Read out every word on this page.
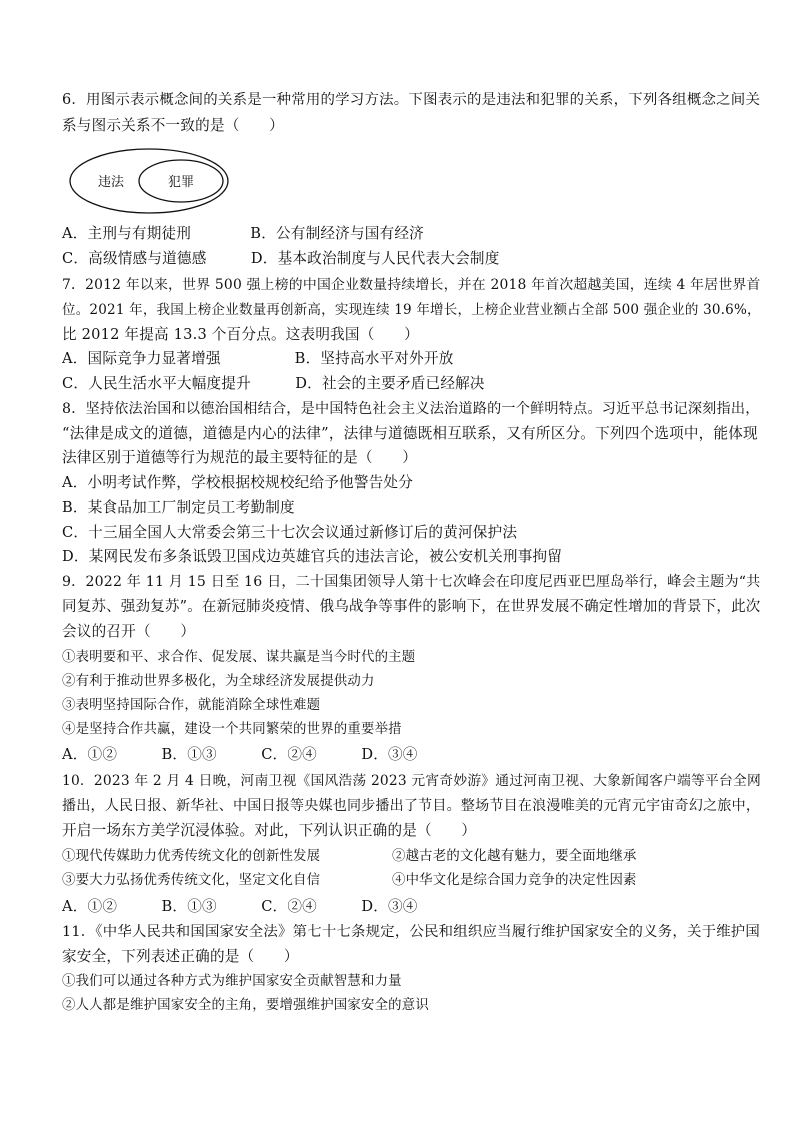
6．用图示表示概念间的关系是一种常用的学习方法。下图表示的是违法和犯罪的关系，下列各组概念之间关
系与图示关系不一致的是（　　）
违法	犯罪
A．主刑与有期徒刑　　　　B．公有制经济与国有经济
C．高级情感与道德感　　　D．基本政治制度与人民代表大会制度
7．2012 年以来，世界 500 强上榜的中国企业数量持续增长，并在 2018 年首次超越美国，连续 4 年居世界首
位。2021 年，我国上榜企业数量再创新高，实现连续 19 年增长，上榜企业营业额占全部 500 强企业的 30.6%，
比 2012 年提高 13.3 个百分点。这表明我国（　　）
A．国际竞争力显著增强　　　　　B．坚持高水平对外开放
C．人民生活水平大幅度提升　　　D．社会的主要矛盾已经解决
8．坚持依法治国和以德治国相结合，是中国特色社会主义法治道路的一个鲜明特点。习近平总书记深刻指出，
“法律是成文的道德，道德是内心的法律”，法律与道德既相互联系，又有所区分。下列四个选项中，能体现
法律区别于道德等行为规范的最主要特征的是（　　）
A．小明考试作弊，学校根据校规校纪给予他警告处分
B．某食品加工厂制定员工考勤制度
C．十三届全国人大常委会第三十七次会议通过新修订后的黄河保护法
D．某网民发布多条诋毁卫国戍边英雄官兵的违法言论，被公安机关刑事拘留
9．2022 年 11 月 15 日至 16 日，二十国集团领导人第十七次峰会在印度尼西亚巴厘岛举行，峰会主题为“共
同复苏、强劲复苏”。在新冠肺炎疫情、俄乌战争等事件的影响下，在世界发展不确定性增加的背景下，此次
会议的召开（　　）
①表明要和平、求合作、促发展、谋共赢是当今时代的主题
②有利于推动世界多极化，为全球经济发展提供动力
③表明坚持国际合作，就能消除全球性难题
④是坚持合作共赢，建设一个共同繁荣的世界的重要举措
A．①②　　　B．①③　　　C．②④　　　D．③④
10．2023 年 2 月 4 日晚，河南卫视《国风浩荡 2023 元宵奇妙游》通过河南卫视、大象新闻客户端等平台全网
播出，人民日报、新华社、中国日报等央媒也同步播出了节目。整场节目在浪漫唯美的元宵元宇宙奇幻之旅中，
开启一场东方美学沉浸体验。对此，下列认识正确的是（　　）
①现代传媒助力优秀传统文化的创新性发展	②越古老的文化越有魅力，要全面地继承
③要大力弘扬优秀传统文化，坚定文化自信	④中华文化是综合国力竞争的决定性因素
A．①②　　　B．①③　　　C．②④　　　D．③④
11．《中华人民共和国国家安全法》第七十七条规定，公民和组织应当履行维护国家安全的义务，关于维护国
家安全，下列表述正确的是（　　）
①我们可以通过各种方式为维护国家安全贡献智慧和力量
②人人都是维护国家安全的主角，要增强维护国家安全的意识
